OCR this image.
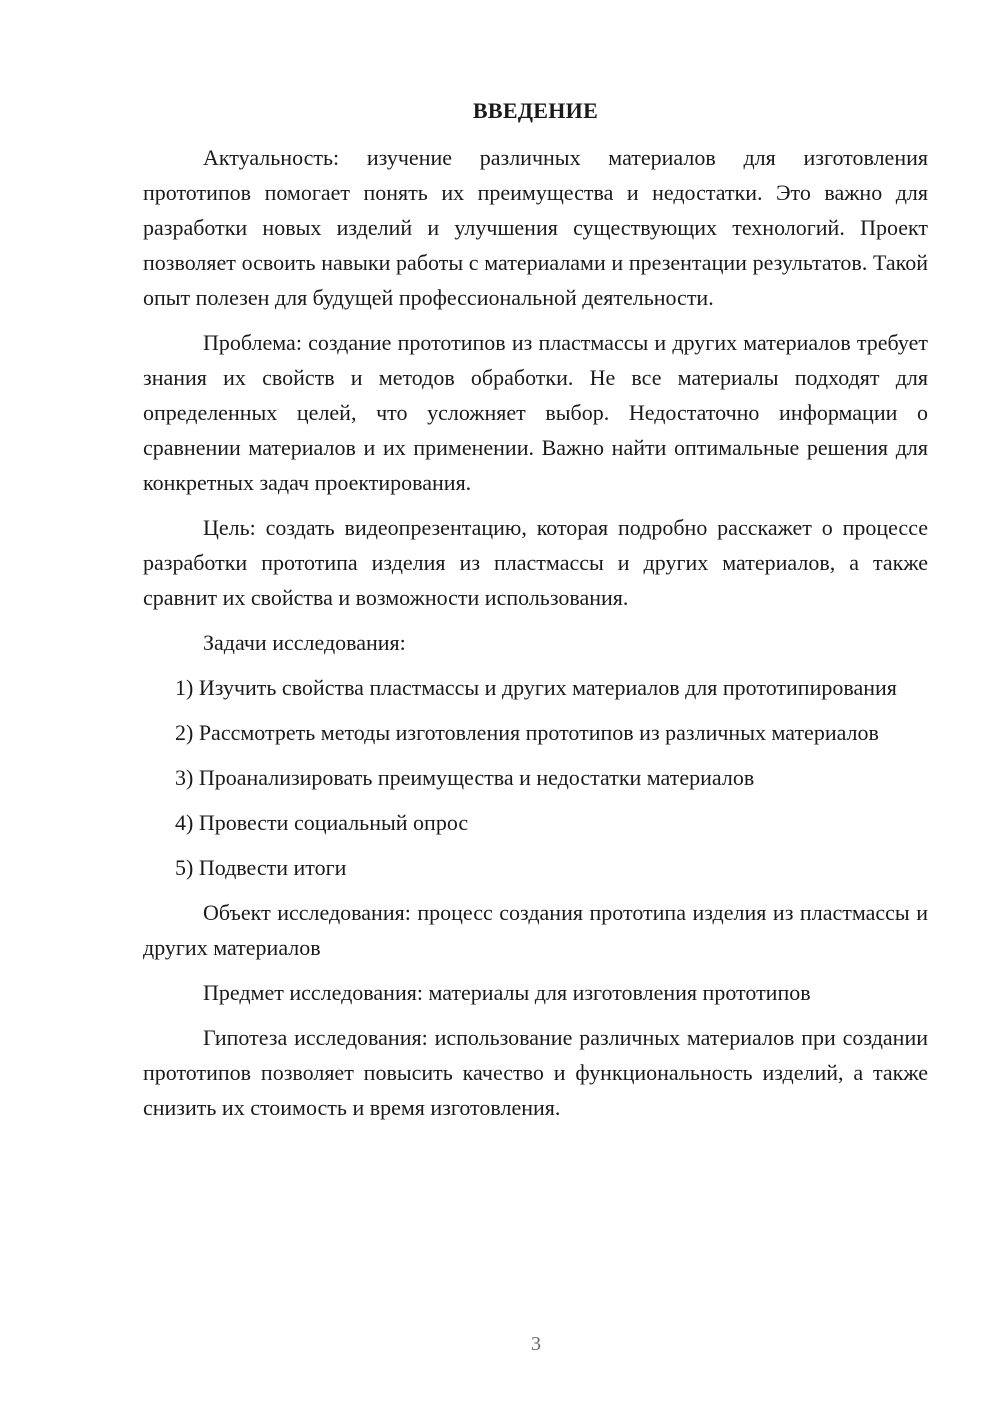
ВВЕДЕНИЕ

Актуальность: изучение различных материалов для изготовления прототипов помогает понять их преимущества и недостатки. Это важно для разработки новых изделий и улучшения существующих технологий. Проект позволяет освоить навыки работы с материалами и презентации результатов. Такой опыт полезен для будущей профессиональной деятельности.

Проблема: создание прототипов из пластмассы и других материалов требует знания их свойств и методов обработки. Не все материалы подходят для определенных целей, что усложняет выбор. Недостаточно информации о сравнении материалов и их применении. Важно найти оптимальные решения для конкретных задач проектирования.

Цель: создать видеопрезентацию, которая подробно расскажет о процессе разработки прототипа изделия из пластмассы и других материалов, а также сравнит их свойства и возможности использования.

Задачи исследования:

1) Изучить свойства пластмассы и других материалов для прототипирования

2) Рассмотреть методы изготовления прототипов из различных материалов

3) Проанализировать преимущества и недостатки материалов

4) Провести социальный опрос

5) Подвести итоги

Объект исследования: процесс создания прототипа изделия из пластмассы и других материалов

Предмет исследования: материалы для изготовления прототипов

Гипотеза исследования: использование различных материалов при создании прототипов позволяет повысить качество и функциональность изделий, а также снизить их стоимость и время изготовления.

3
